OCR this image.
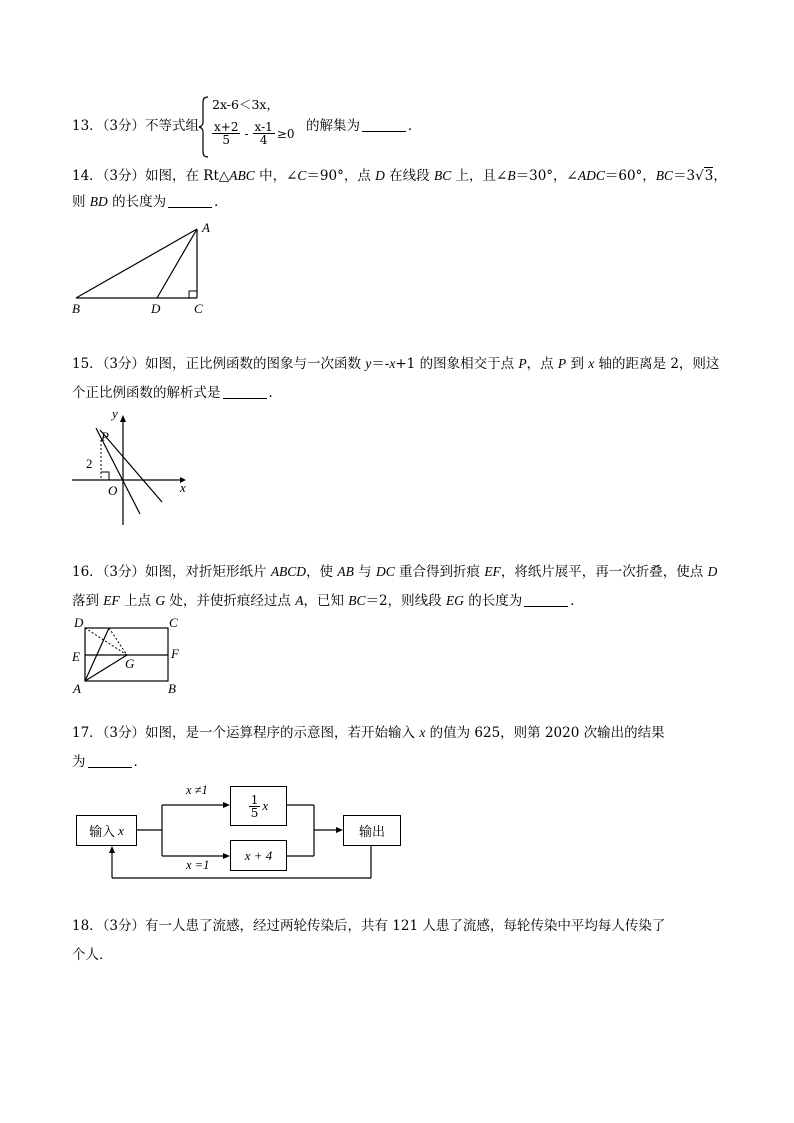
13．（3分）不等式组
2x-6＜3x，
$\frac{x+2}{5} - \frac{x-1}{4} \ge 0$ 的解集为	．
14．（3分）如图，在 Rt△ABC 中，∠C＝90°，点 D 在线段 BC 上，且∠B＝30°，∠ADC＝60°，BC＝3√3，
则 BD 的长度为	．
A
B	D	C
15．（3分）如图，正比例函数的图象与一次函数 y＝-x+1 的图象相交于点 P，点 P 到 x 轴的距离是 2，则这
个正比例函数的解析式是	．
y
P
2
O	x
16．（3分）如图，对折矩形纸片 ABCD，使 AB 与 DC 重合得到折痕 EF，将纸片展平，再一次折叠，使点 D
落到 EF 上点 G 处，并使折痕经过点 A，已知 BC＝2，则线段 EG 的长度为	．
D	C
E	F
G
A	B
17．（3分）如图，是一个运算程序的示意图，若开始输入 x 的值为 625，则第 2020 次输出的结果
为	．
输入 x
$\frac{1}{5}$ x
x + 4
输出
x ≠1
x =1
18．（3分）有一人患了流感，经过两轮传染后，共有 121 人患了流感，每轮传染中平均每人传染了
个人．
